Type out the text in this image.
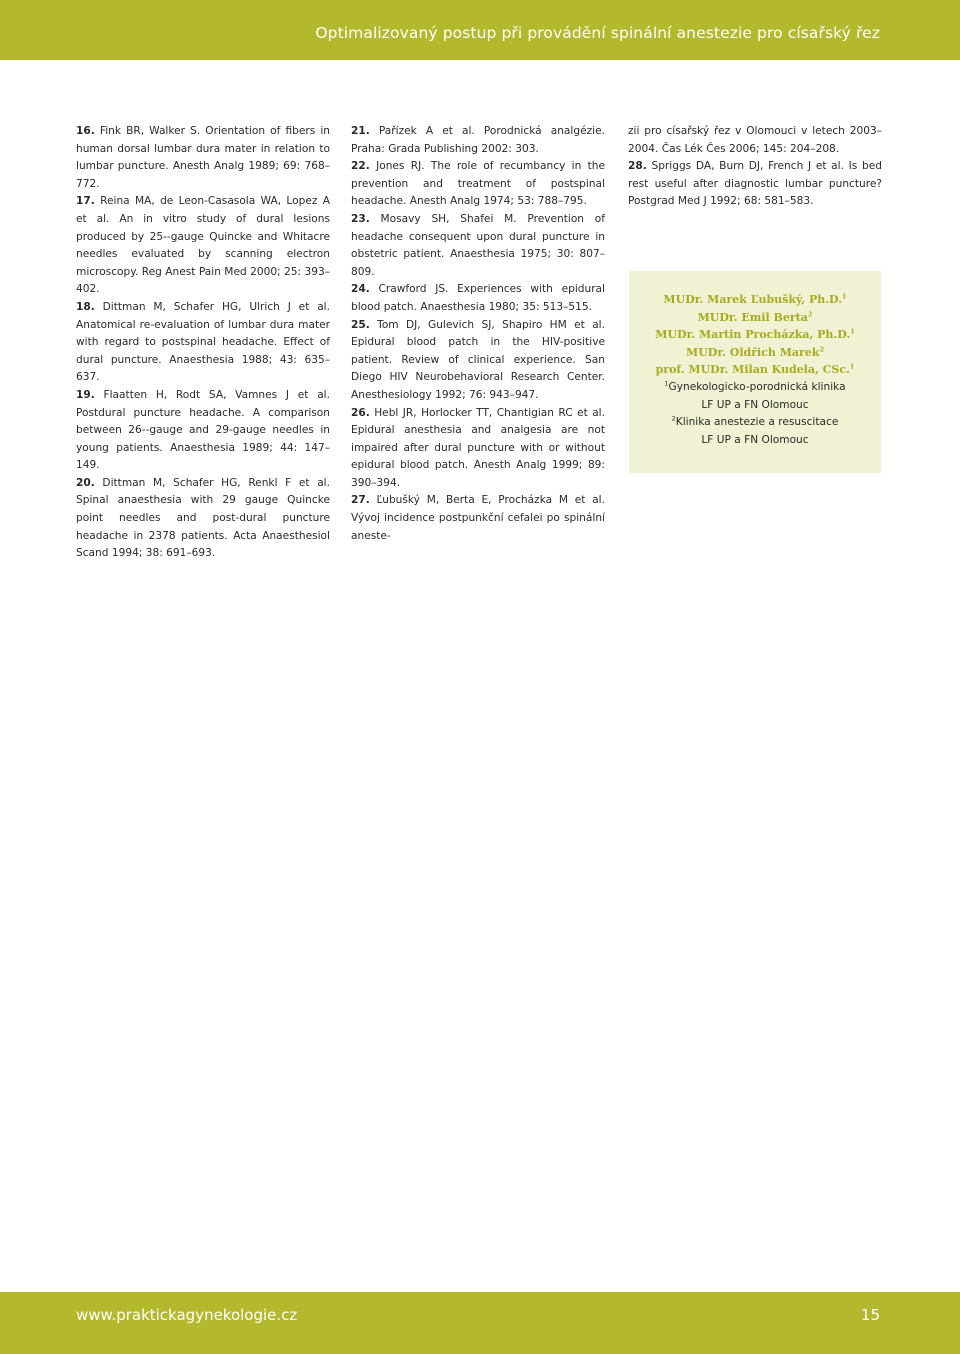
Optimalizovaný postup při provádění spinální anestezie pro císařský řez

16. Fink BR, Walker S. Orientation of fibers in human dorsal lumbar dura mater in relation to lumbar puncture. Anesth Analg 1989; 69: 768–772.

17. Reina MA, de Leon-Casasola WA, Lopez A et al. An in vitro study of dural lesions produced by 25--gauge Quincke and Whitacre needles evaluated by scanning electron microscopy. Reg Anest Pain Med 2000; 25: 393–402.

18. Dittman M, Schafer HG, Ulrich J et al. Anatomical re-evaluation of lumbar dura mater with regard to postspinal headache. Effect of dural puncture. Anaesthesia 1988; 43: 635–637.

19. Flaatten H, Rodt SA, Vamnes J et al. Postdural puncture headache. A comparison between 26--gauge and 29-gauge needles in young patients. Anaesthesia 1989; 44: 147–149.

20. Dittman M, Schafer HG, Renkl F et al. Spinal anaesthesia with 29 gauge Quincke point needles and post-dural puncture headache in 2378 patients. Acta Anaesthesiol Scand 1994; 38: 691–693.

21. Pařízek A et al. Porodnická analgézie. Praha: Grada Publishing 2002: 303.

22. Jones RJ. The role of recumbancy in the prevention and treatment of postspinal headache. Anesth Analg 1974; 53: 788–795.

23. Mosavy SH, Shafei M. Prevention of headache consequent upon dural puncture in obstetric patient. Anaesthesia 1975; 30: 807–809.

24. Crawford JS. Experiences with epidural blood patch. Anaesthesia 1980; 35: 513–515.

25. Tom DJ, Gulevich SJ, Shapiro HM et al. Epidural blood patch in the HIV-positive patient. Review of clinical experience. San Diego HIV Neurobehavioral Research Center. Anesthesiology 1992; 76: 943–947.

26. Hebl JR, Horlocker TT, Chantigian RC et al. Epidural anesthesia and analgesia are not impaired after dural puncture with or without epidural blood patch. Anesth Analg 1999; 89: 390–394.

27. Ľubušký M, Berta E, Procházka M et al. Vývoj incidence postpunkční cefalei po spinální aneste-

zii pro císařský řez v Olomouci v letech 2003–2004. Čas Lék Čes 2006; 145: 204–208.

28. Spriggs DA, Burn DJ, French J et al. Is bed rest useful after diagnostic lumbar puncture? Postgrad Med J 1992; 68: 581–583.

MUDr. Marek Ľubušký, Ph.D.$^1$
MUDr. Emil Berta$^2$
MUDr. Martin Procházka, Ph.D.$^1$
MUDr. Oldřich Marek$^2$
prof. MUDr. Milan Kudela, CSc.$^1$
$^1$Gynekologicko-porodnická klinika
LF UP a FN Olomouc
$^2$Klinika anestezie a resuscitace
LF UP a FN Olomouc
www.praktickagynekologie.cz	15
